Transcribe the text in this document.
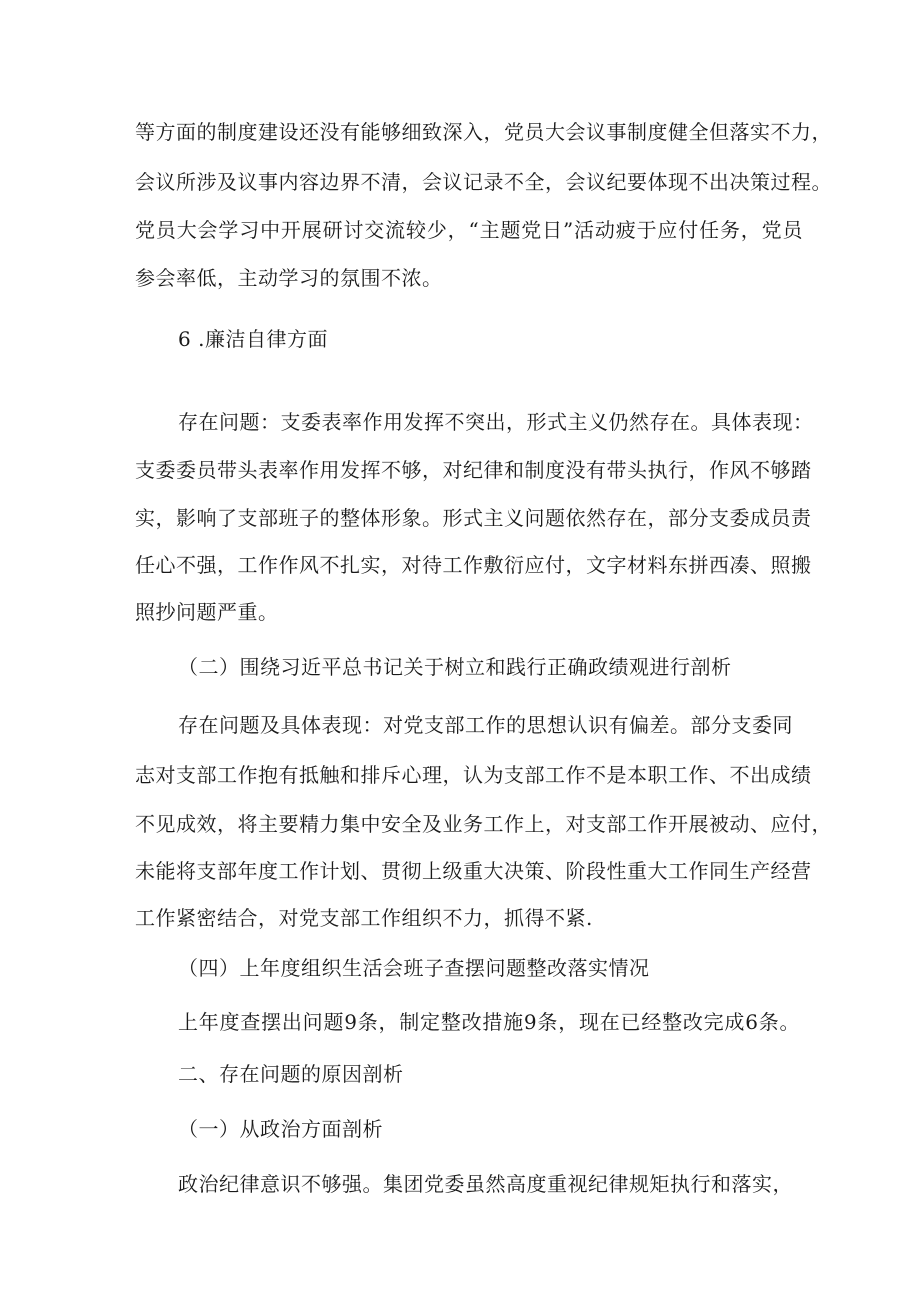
等方面的制度建设还没有能够细致深入，党员大会议事制度健全但落实不力，
会议所涉及议事内容边界不清，会议记录不全，会议纪要体现不出决策过程。
党员大会学习中开展研讨交流较少，“主题党日”活动疲于应付任务，党员
参会率低，主动学习的氛围不浓。
6 .廉洁自律方面
存在问题：支委表率作用发挥不突出，形式主义仍然存在。具体表现：
支委委员带头表率作用发挥不够，对纪律和制度没有带头执行，作风不够踏
实，影响了支部班子的整体形象。形式主义问题依然存在，部分支委成员责
任心不强，工作作风不扎实，对待工作敷衍应付，文字材料东拼西凑、照搬
照抄问题严重。
（二）围绕习近平总书记关于树立和践行正确政绩观进行剖析
存在问题及具体表现：对党支部工作的思想认识有偏差。部分支委同
志对支部工作抱有抵触和排斥心理，认为支部工作不是本职工作、不出成绩
不见成效，将主要精力集中安全及业务工作上，对支部工作开展被动、应付，
未能将支部年度工作计划、贯彻上级重大决策、阶段性重大工作同生产经营
工作紧密结合，对党支部工作组织不力，抓得不紧.
（四）上年度组织生活会班子查摆问题整改落实情况
上年度查摆出问题9条，制定整改措施9条，现在已经整改完成6条。
二、存在问题的原因剖析
（一）从政治方面剖析
政治纪律意识不够强。集团党委虽然高度重视纪律规矩执行和落实，
